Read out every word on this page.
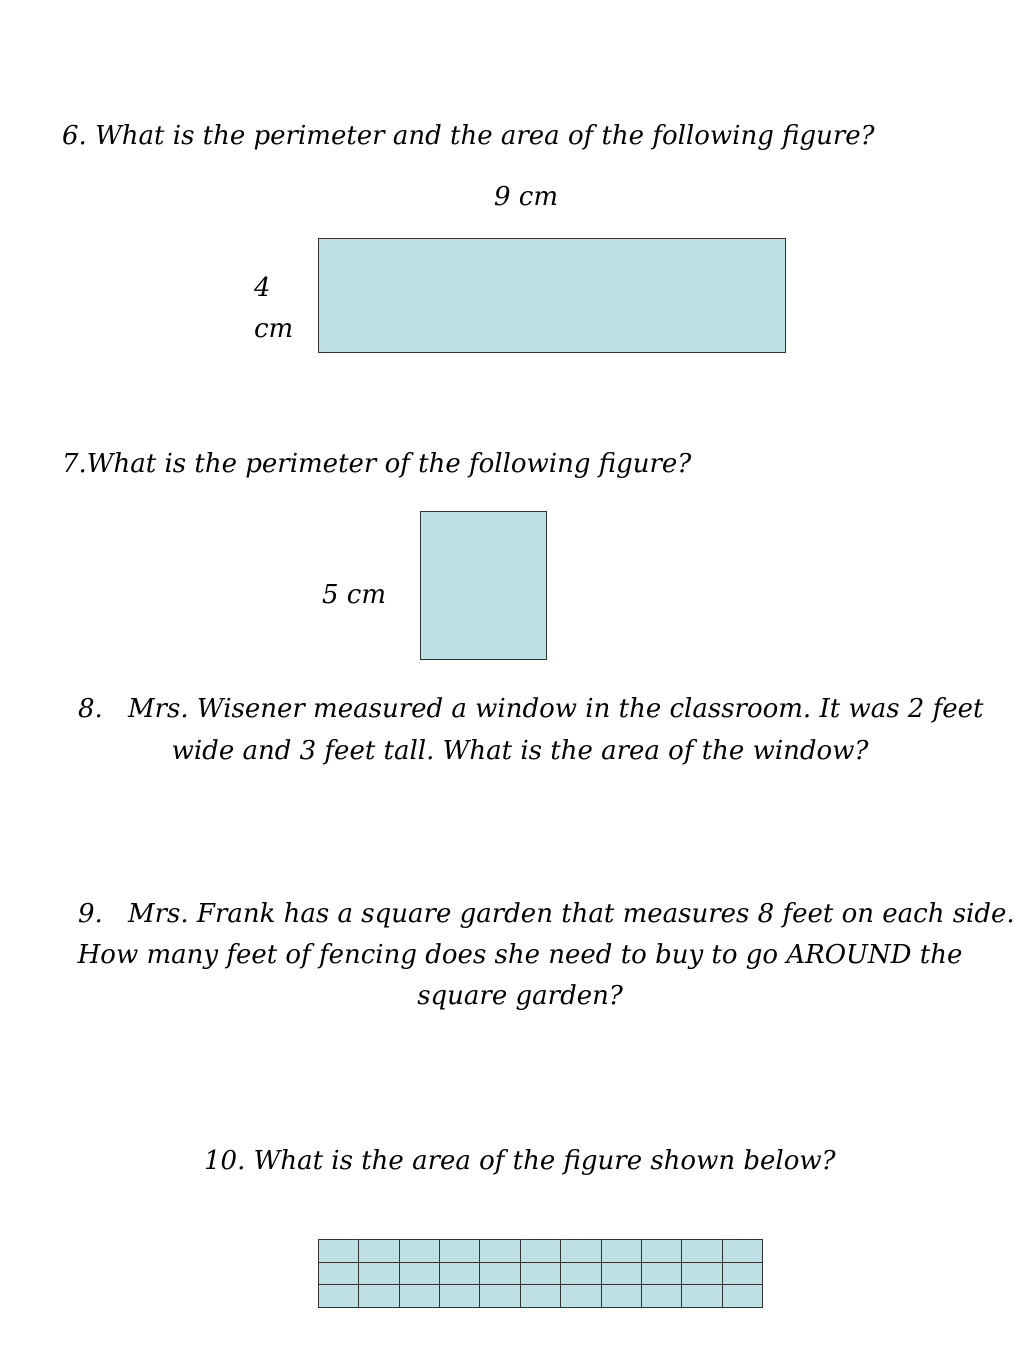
6. What is the perimeter and the area of the following figure?
9 cm
4
cm
7.What is the perimeter of the following figure?
5 cm
8. Mrs. Wisener measured a window in the classroom. It was 2 feet
wide and 3 feet tall. What is the area of the window?
9. Mrs. Frank has a square garden that measures 8 feet on each side.
How many feet of fencing does she need to buy to go AROUND the
square garden?
10. What is the area of the figure shown below?
